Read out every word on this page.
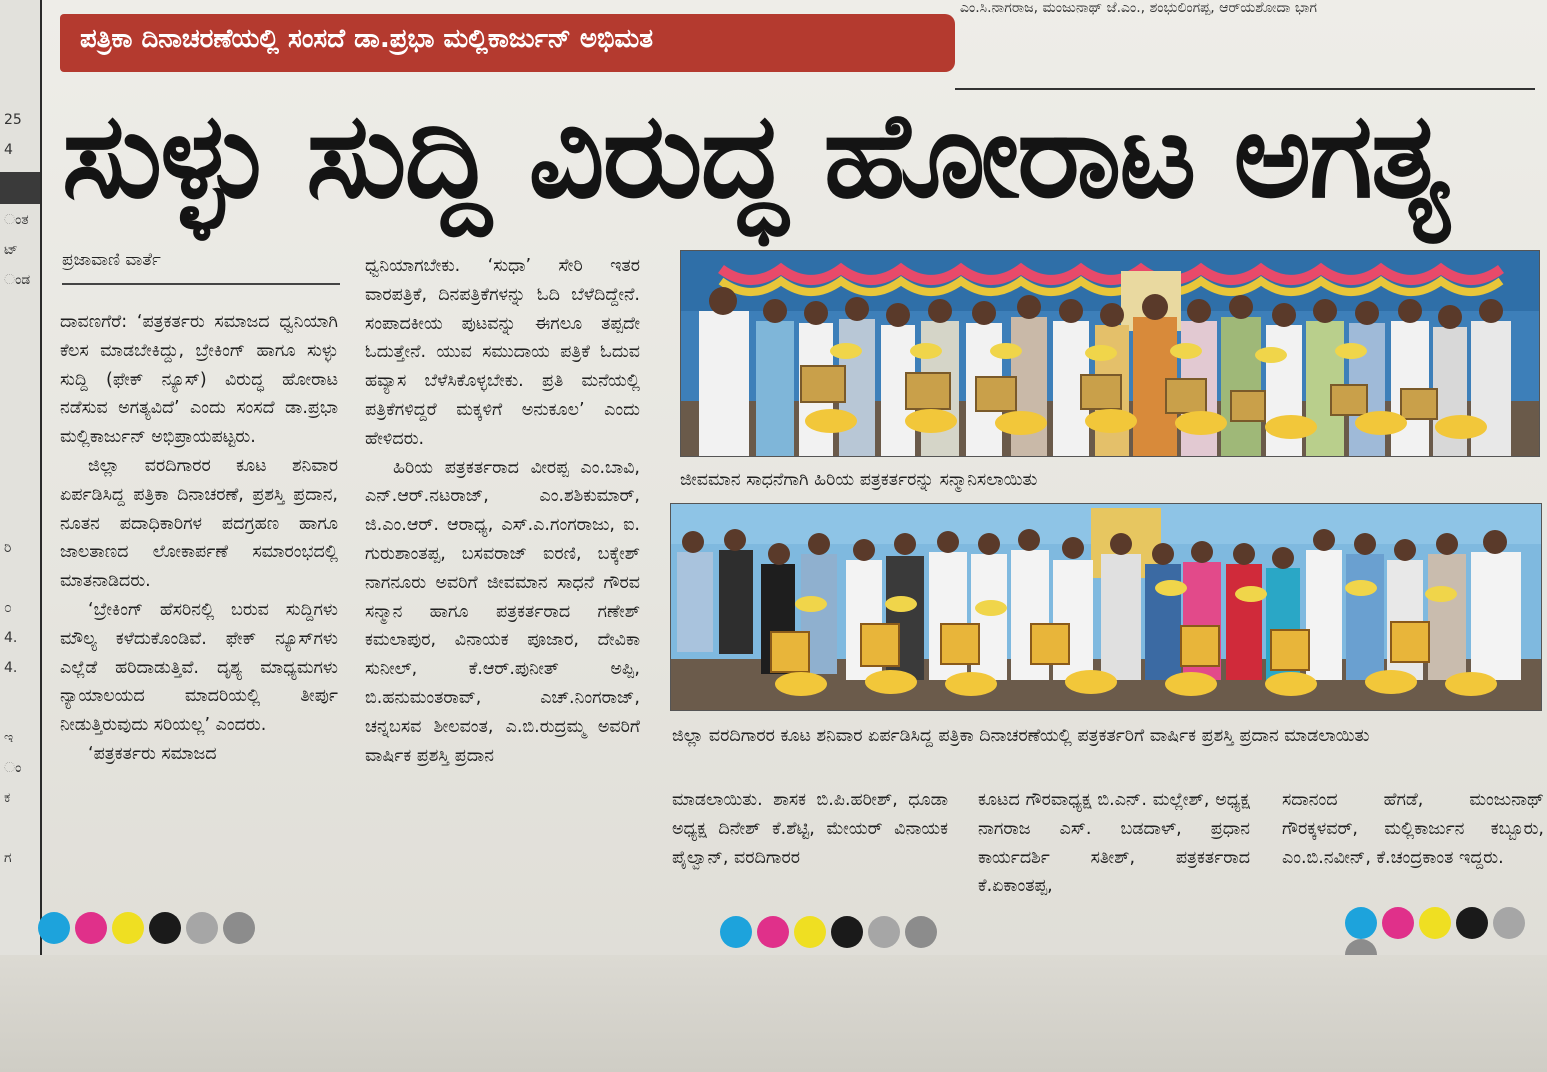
25
4
ಂತ
ಟ್
ಂಡ
ರಿ
೦
4.
4.
ಇ
ಂ
ಕ
ಗ
ಎಂ.ಸಿ.ನಾಗರಾಜ, ಮಂಜುನಾಥ್ ಜೆ.ಎಂ., ಶಂಭುಲಿಂಗಪ್ಪ, ಆರ್‌ಯಶೋದಾ ಭಾಗ
ಪತ್ರಿಕಾ ದಿನಾಚರಣೆಯಲ್ಲಿ ಸಂಸದೆ ಡಾ.ಪ್ರಭಾ ಮಲ್ಲಿಕಾರ್ಜುನ್ ಅಭಿಮತ
ಸುಳ್ಳು ಸುದ್ದಿ ವಿರುದ್ಧ ಹೋರಾಟ ಅಗತ್ಯ
ಪ್ರಜಾವಾಣಿ ವಾರ್ತೆ

ದಾವಣಗೆರೆ: ‘ಪತ್ರಕರ್ತರು ಸಮಾಜದ ಧ್ವನಿಯಾಗಿ ಕೆಲಸ ಮಾಡಬೇಕಿದ್ದು, ಬ್ರೇಕಿಂಗ್ ಹಾಗೂ ಸುಳ್ಳು ಸುದ್ದಿ (ಫೇಕ್ ನ್ಯೂಸ್) ವಿರುದ್ಧ ಹೋರಾಟ ನಡೆಸುವ ಅಗತ್ಯವಿದೆ’ ಎಂದು ಸಂಸದೆ ಡಾ.ಪ್ರಭಾ ಮಲ್ಲಿಕಾರ್ಜುನ್ ಅಭಿಪ್ರಾಯಪಟ್ಟರು.

ಜಿಲ್ಲಾ ವರದಿಗಾರರ ಕೂಟ ಶನಿವಾರ ಏರ್ಪಡಿಸಿದ್ದ ಪತ್ರಿಕಾ ದಿನಾಚರಣೆ, ಪ್ರಶಸ್ತಿ ಪ್ರದಾನ, ನೂತನ ಪದಾಧಿಕಾರಿಗಳ ಪದಗ್ರಹಣ ಹಾಗೂ ಜಾಲತಾಣದ ಲೋಕಾರ್ಪಣೆ ಸಮಾರಂಭದಲ್ಲಿ ಮಾತನಾಡಿದರು.

‘ಬ್ರೇಕಿಂಗ್ ಹೆಸರಿನಲ್ಲಿ ಬರುವ ಸುದ್ದಿಗಳು ಮೌಲ್ಯ ಕಳೆದುಕೊಂಡಿವೆ. ಫೇಕ್ ನ್ಯೂಸ್‌ಗಳು ಎಲ್ಲೆಡೆ ಹರಿದಾಡುತ್ತಿವೆ. ದೃಶ್ಯ ಮಾಧ್ಯಮಗಳು ನ್ಯಾಯಾಲಯದ ಮಾದರಿಯಲ್ಲಿ ತೀರ್ಪು ನೀಡುತ್ತಿರುವುದು ಸರಿಯಲ್ಲ’ ಎಂದರು.

‘ಪತ್ರಕರ್ತರು ಸಮಾಜದ

ಧ್ವನಿಯಾಗಬೇಕು. ‘ಸುಧಾ’ ಸೇರಿ ಇತರ ವಾರಪತ್ರಿಕೆ, ದಿನಪತ್ರಿಕೆಗಳನ್ನು ಓದಿ ಬೆಳೆದಿದ್ದೇನೆ. ಸಂಪಾದಕೀಯ ಪುಟವನ್ನು ಈಗಲೂ ತಪ್ಪದೇ ಓದುತ್ತೇನೆ. ಯುವ ಸಮುದಾಯ ಪತ್ರಿಕೆ ಓದುವ ಹವ್ಯಾಸ ಬೆಳೆಸಿಕೊಳ್ಳಬೇಕು. ಪ್ರತಿ ಮನೆಯಲ್ಲಿ ಪತ್ರಿಕೆಗಳಿದ್ದರೆ ಮಕ್ಕಳಿಗೆ ಅನುಕೂಲ’ ಎಂದು ಹೇಳಿದರು.

ಹಿರಿಯ ಪತ್ರಕರ್ತರಾದ ವೀರಪ್ಪ ಎಂ.ಬಾವಿ, ಎನ್.ಆರ್.ನಟರಾಜ್, ಎಂ.ಶಶಿಕುಮಾರ್, ಜಿ.ಎಂ.ಆರ್. ಆರಾಧ್ಯ, ಎಸ್.ಎ.ಗಂಗರಾಜು, ಐ. ಗುರುಶಾಂತಪ್ಪ, ಬಸವರಾಜ್ ಐರಣಿ, ಬಕ್ಕೇಶ್ ನಾಗನೂರು ಅವರಿಗೆ ಜೀವಮಾನ ಸಾಧನೆ ಗೌರವ ಸನ್ಮಾನ ಹಾಗೂ ಪತ್ರಕರ್ತರಾದ ಗಣೇಶ್ ಕಮಲಾಪುರ, ವಿನಾಯಕ ಪೂಜಾರ, ದೇವಿಕಾ ಸುನೀಲ್, ಕೆ.ಆರ್.ಪುನೀತ್ ಅಪ್ಪಿ, ಬಿ.ಹನುಮಂತರಾವ್, ಎಚ್.ನಿಂಗರಾಜ್, ಚನ್ನಬಸವ ಶೀಲವಂತ, ಎ.ಬಿ.ರುದ್ರಮ್ಮ ಅವರಿಗೆ ವಾರ್ಷಿಕ ಪ್ರಶಸ್ತಿ ಪ್ರದಾನ

ಜೀವಮಾನ ಸಾಧನೆಗಾಗಿ ಹಿರಿಯ ಪತ್ರಕರ್ತರನ್ನು ಸನ್ಮಾನಿಸಲಾಯಿತು
ಜಿಲ್ಲಾ ವರದಿಗಾರರ ಕೂಟ ಶನಿವಾರ ಏರ್ಪಡಿಸಿದ್ದ ಪತ್ರಿಕಾ ದಿನಾಚರಣೆಯಲ್ಲಿ ಪತ್ರಕರ್ತರಿಗೆ ವಾರ್ಷಿಕ ಪ್ರಶಸ್ತಿ ಪ್ರದಾನ ಮಾಡಲಾಯಿತು
ಮಾಡಲಾಯಿತು. ಶಾಸಕ ಬಿ.ಪಿ.ಹರೀಶ್, ಧೂಡಾ ಅಧ್ಯಕ್ಷ ದಿನೇಶ್ ಕೆ.ಶೆಟ್ಟಿ, ಮೇಯರ್ ವಿನಾಯಕ ಪೈಲ್ವಾನ್, ವರದಿಗಾರರ
ಕೂಟದ ಗೌರವಾಧ್ಯಕ್ಷ ಬಿ.ಎನ್. ಮಲ್ಲೇಶ್, ಅಧ್ಯಕ್ಷ ನಾಗರಾಜ ಎಸ್. ಬಡದಾಳ್, ಪ್ರಧಾನ ಕಾರ್ಯದರ್ಶಿ ಸತೀಶ್, ಪತ್ರಕರ್ತರಾದ ಕೆ.ಏಕಾಂತಪ್ಪ,
ಸದಾನಂದ ಹೆಗಡೆ, ಮಂಜುನಾಥ್ ಗೌರಕ್ಕಳವರ್, ಮಲ್ಲಿಕಾರ್ಜುನ ಕಬ್ಬೂರು, ಎಂ.ಬಿ.ನವೀನ್, ಕೆ.ಚಂದ್ರಕಾಂತ ಇದ್ದರು.
